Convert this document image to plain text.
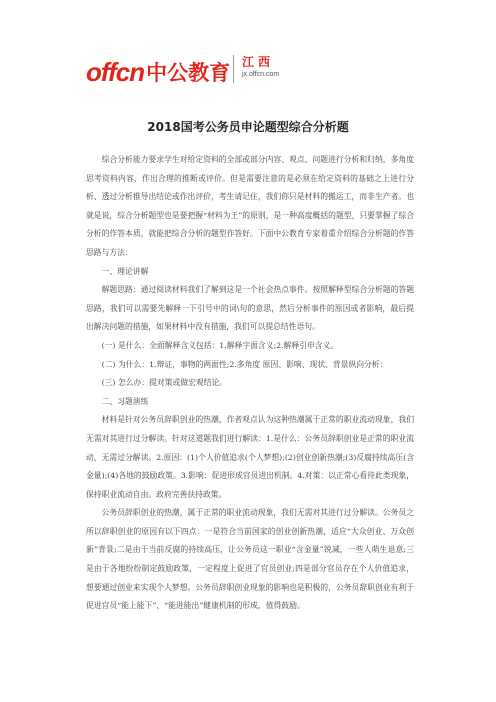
offcn 中公教育 江西
jx.offcn.com
2018国考公务员申论题型综合分析题

综合分析能力要求学生对给定资料的全部或部分内容、观点、问题进行分析和归纳，多角度思考资料内容，作出合理的推断或评价。但是需要注意的是必须在给定资料的基础之上进行分析、透过分析推导出结论或作出评价，考生请记住，我们你只是材料的搬运工，而非生产者。也就是说，综合分析题型也是要把握“材料为王”的原则，是一种高度概括的题型，只要掌握了综合分析的作答本质，就能把综合分析的题型作答好。下面中公教育专家着重介绍综合分析题的作答思路与方法：

一、理论讲解

解题思路：通过阅读材料我们了解到这是一个社会热点事件。按照解释型综合分析题的答题思路，我们可以需要先解释一下引号中的词\句的意思，然后分析事件的原因或者影响，最后提出解决问题的措施，如果材料中没有措施，我们可以提总结性语句。

(一) 是什么：全面解释含义包括：1.解释字面含义;2.解释引申含义。

(二) 为什么：1.辩证，事物的两面性;2.多角度 原因、影响、现状、背景纵向分析：

(三) 怎么办：提对策或做宏观结论。

二、习题演练

材料是针对公务员辞职创业的热潮，作者观点认为这种热潮属于正常的职业流动现象，我们无需对其进行过分解读。针对这道题我们进行解读：1.是什么：公务员辞职创业是正常的职业流动，无需过分解读。2.原因：(1)个人价值追求(个人梦想);(2)创业创新热潮;(3)反腐持续高压(含金量);(4)各地的鼓励政策。3.影响：促进形成官员进出机制。4.对策：以正常心看待此类现象，保持职业流动自由。政府完善扶持政策。

公务员辞职创业的热潮，属于正常的职业流动现象，我们无需对其进行过分解读。公务员之所以辞职创业的原因有以下四点：一是符合当前国家的创业创新热潮，适应“大众创业、万众创新”背景;二是由于当前反腐的持续高压，让公务员这一职业“含金量”锐减，一些人萌生退意;三是由于各地纷纷制定鼓励政策，一定程度上促进了官员创业;四是部分官员存在个人价值追求，想要通过创业来实现个人梦想。公务员辞职创业现象的影响也是积极的，公务员辞职创业有利于促进官员“能上能下”、“能进能出”健康机制的形成，值得鼓励。
